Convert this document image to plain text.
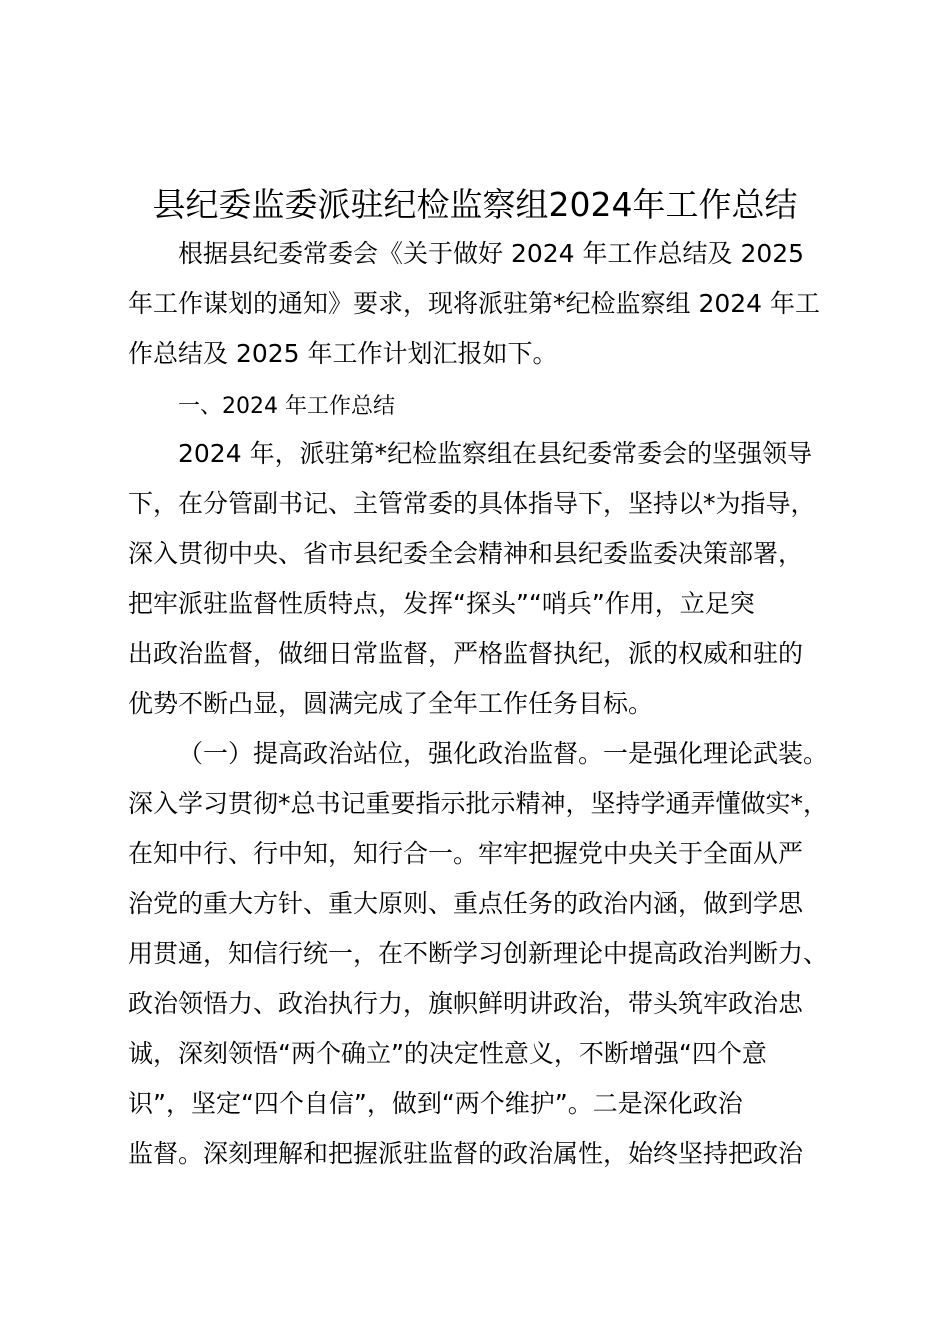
县纪委监委派驻纪检监察组2024年工作总结
根据县纪委常委会《关于做好 2024 年工作总结及 2025
年工作谋划的通知》要求，现将派驻第*纪检监察组 2024 年工
作总结及 2025 年工作计划汇报如下。
一、2024 年工作总结
2024 年，派驻第*纪检监察组在县纪委常委会的坚强领导
下，在分管副书记、主管常委的具体指导下，坚持以*为指导，
深入贯彻中央、省市县纪委全会精神和县纪委监委决策部署，
把牢派驻监督性质特点，发挥“探头”“哨兵”作用，立足突
出政治监督，做细日常监督，严格监督执纪，派的权威和驻的
优势不断凸显，圆满完成了全年工作任务目标。
（一）提高政治站位，强化政治监督。一是强化理论武装。
深入学习贯彻*总书记重要指示批示精神，坚持学通弄懂做实*，
在知中行、行中知，知行合一。牢牢把握党中央关于全面从严
治党的重大方针、重大原则、重点任务的政治内涵，做到学思
用贯通，知信行统一，在不断学习创新理论中提高政治判断力、
政治领悟力、政治执行力，旗帜鲜明讲政治，带头筑牢政治忠
诚，深刻领悟“两个确立”的决定性意义，不断增强“四个意
识”，坚定“四个自信”，做到“两个维护”。二是深化政治
监督。深刻理解和把握派驻监督的政治属性，始终坚持把政治
